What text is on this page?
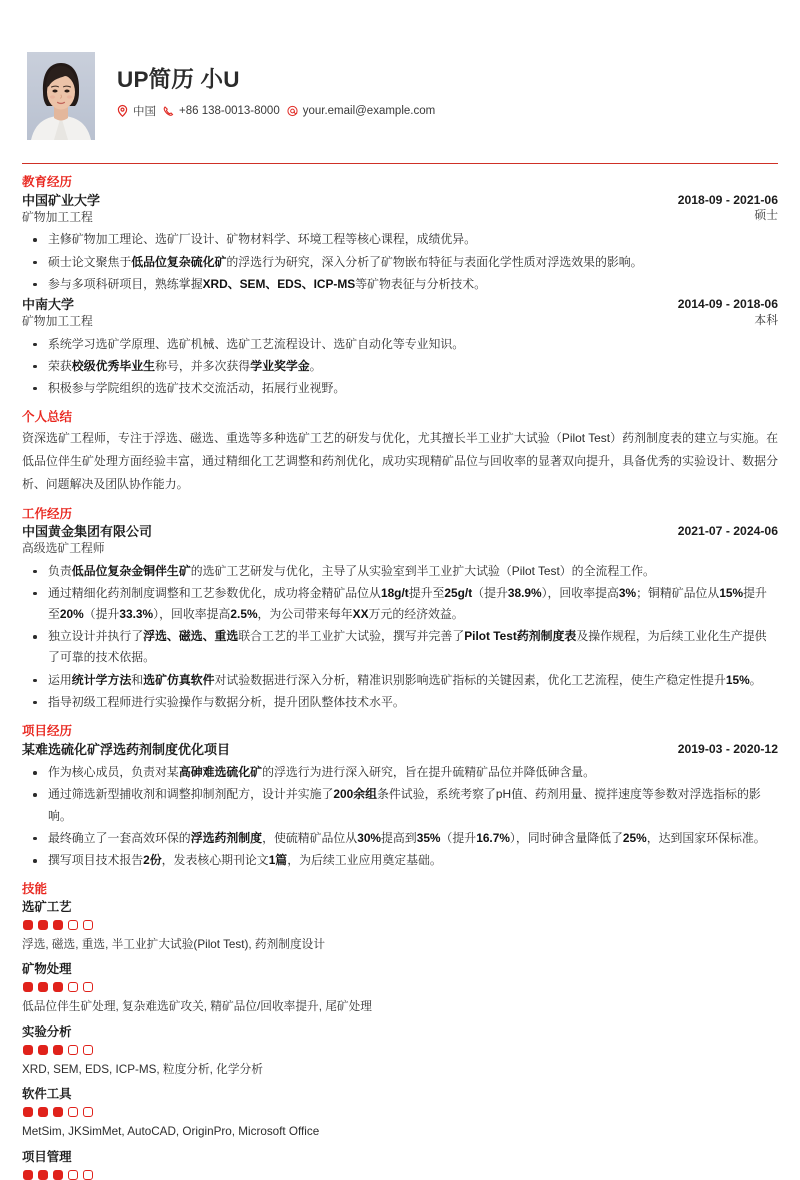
UP简历 小U
中国 +86 138-0013-8000 your.email@example.com
教育经历
中国矿业大学
矿物加工工程
2018-09 - 2021-06
硕士
主修矿物加工理论、选矿厂设计、矿物材料学、环境工程等核心课程，成绩优异。
硕士论文聚焦于低品位复杂硫化矿的浮选行为研究，深入分析了矿物嵌布特征与表面化学性质对浮选效果的影响。
参与多项科研项目，熟练掌握XRD、SEM、EDS、ICP-MS等矿物表征与分析技术。
中南大学
矿物加工工程
2014-09 - 2018-06
本科
系统学习选矿学原理、选矿机械、选矿工艺流程设计、选矿自动化等专业知识。
荣获校级优秀毕业生称号，并多次获得学业奖学金。
积极参与学院组织的选矿技术交流活动，拓展行业视野。
个人总结
资深选矿工程师，专注于浮选、磁选、重选等多种选矿工艺的研发与优化，尤其擅长半工业扩大试验（Pilot Test）药剂制度表的建立与实施。在低品位伴生矿处理方面经验丰富，通过精细化工艺调整和药剂优化，成功实现精矿品位与回收率的显著双向提升，具备优秀的实验设计、数据分析、问题解决及团队协作能力。
工作经历
中国黄金集团有限公司
高级选矿工程师
2021-07 - 2024-06
负责低品位复杂金铜伴生矿的选矿工艺研发与优化，主导了从实验室到半工业扩大试验（Pilot Test）的全流程工作。
通过精细化药剂制度调整和工艺参数优化，成功将金精矿品位从18g/t提升至25g/t（提升38.9%），回收率提高3%；铜精矿品位从15%提升至20%（提升33.3%），回收率提高2.5%，为公司带来每年XX万元的经济效益。
独立设计并执行了浮选、磁选、重选联合工艺的半工业扩大试验，撰写并完善了Pilot Test药剂制度表及操作规程，为后续工业化生产提供了可靠的技术依据。
运用统计学方法和选矿仿真软件对试验数据进行深入分析，精准识别影响选矿指标的关键因素，优化工艺流程，使生产稳定性提升15%。
指导初级工程师进行实验操作与数据分析，提升团队整体技术水平。
项目经历
某难选硫化矿浮选药剂制度优化项目	2019-03 - 2020-12
作为核心成员，负责对某高砷难选硫化矿的浮选行为进行深入研究，旨在提升硫精矿品位并降低砷含量。
通过筛选新型捕收剂和调整抑制剂配方，设计并实施了200余组条件试验，系统考察了pH值、药剂用量、搅拌速度等参数对浮选指标的影响。
最终确立了一套高效环保的浮选药剂制度，使硫精矿品位从30%提高到35%（提升16.7%），同时砷含量降低了25%，达到国家环保标准。
撰写项目技术报告2份，发表核心期刊论文1篇，为后续工业应用奠定基础。
技能
选矿工艺
浮选, 磁选, 重选, 半工业扩大试验(Pilot Test), 药剂制度设计
矿物处理
低品位伴生矿处理, 复杂难选矿攻关, 精矿品位/回收率提升, 尾矿处理
实验分析
XRD, SEM, EDS, ICP-MS, 粒度分析, 化学分析
软件工具
MetSim, JKSimMet, AutoCAD, OriginPro, Microsoft Office
项目管理
